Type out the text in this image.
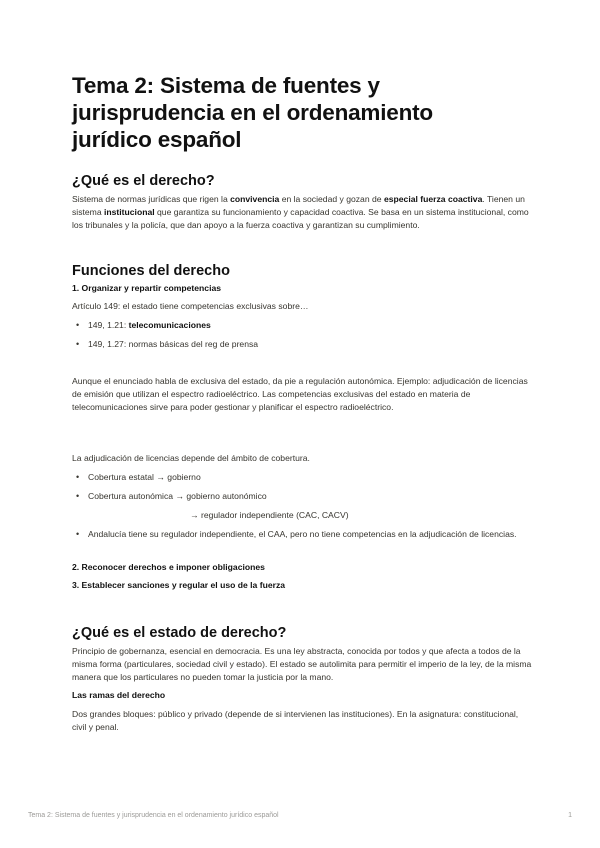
Tema 2: Sistema de fuentes y jurisprudencia en el ordenamiento jurídico español
¿Qué es el derecho?

Sistema de normas jurídicas que rigen la convivencia en la sociedad y gozan de especial fuerza coactiva. Tienen un sistema institucional que garantiza su funcionamiento y capacidad coactiva. Se basa en un sistema institucional, como los tribunales y la policía, que dan apoyo a la fuerza coactiva y garantizan su cumplimiento.

Funciones del derecho

1. Organizar y repartir competencias

Artículo 149: el estado tiene competencias exclusivas sobre…

• 149, 1.21: telecomunicaciones
• 149, 1.27: normas básicas del reg de prensa

Aunque el enunciado habla de exclusiva del estado, da pie a regulación autonómica. Ejemplo: adjudicación de licencias de emisión que utilizan el espectro radioeléctrico. Las competencias exclusivas del estado en materia de telecomunicaciones sirve para poder gestionar y planificar el espectro radioeléctrico.

La adjudicación de licencias depende del ámbito de cobertura.

• Cobertura estatal → gobierno
• Cobertura autonómica → gobierno autonómico

→ regulador independiente (CAC, CACV)

• Andalucía tiene su regulador independiente, el CAA, pero no tiene competencias en la adjudicación de licencias.

2. Reconocer derechos e imponer obligaciones

3. Establecer sanciones y regular el uso de la fuerza

¿Qué es el estado de derecho?

Principio de gobernanza, esencial en democracia. Es una ley abstracta, conocida por todos y que afecta a todos de la misma forma (particulares, sociedad civil y estado). El estado se autolimita para permitir el imperio de la ley, de la misma manera que los particulares no pueden tomar la justicia por la mano.

Las ramas del derecho

Dos grandes bloques: público y privado (depende de si intervienen las instituciones). En la asignatura: constitucional, civil y penal.

Tema 2: Sistema de fuentes y jurisprudencia en el ordenamiento jurídico español	1
